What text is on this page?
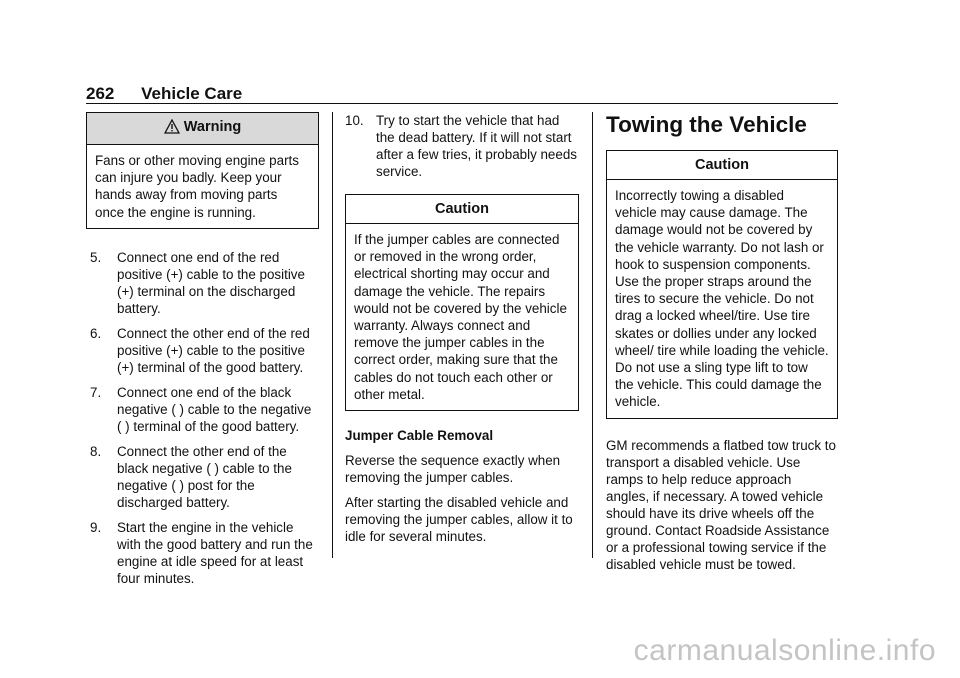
262 Vehicle Care
Warning
Fans or other moving engine parts can injure you badly. Keep your hands away from moving parts once the engine is running.
5. Connect one end of the red positive (+) cable to the positive (+) terminal on the discharged battery.
6. Connect the other end of the red positive (+) cable to the positive (+) terminal of the good battery.
7. Connect one end of the black negative ( ) cable to the negative ( ) terminal of the good battery.
8. Connect the other end of the black negative ( ) cable to the negative ( ) post for the discharged battery.
9. Start the engine in the vehicle with the good battery and run the engine at idle speed for at least four minutes.
10. Try to start the vehicle that had the dead battery. If it will not start after a few tries, it probably needs service.
Caution
If the jumper cables are connected or removed in the wrong order, electrical shorting may occur and damage the vehicle. The repairs would not be covered by the vehicle warranty. Always connect and remove the jumper cables in the correct order, making sure that the cables do not touch each other or other metal.
Jumper Cable Removal

Reverse the sequence exactly when removing the jumper cables.

After starting the disabled vehicle and removing the jumper cables, allow it to idle for several minutes.

Towing the Vehicle
Caution
Incorrectly towing a disabled vehicle may cause damage. The damage would not be covered by the vehicle warranty. Do not lash or hook to suspension components. Use the proper straps around the tires to secure the vehicle. Do not drag a locked wheel/tire. Use tire skates or dollies under any locked wheel/ tire while loading the vehicle. Do not use a sling type lift to tow the vehicle. This could damage the vehicle.

GM recommends a flatbed tow truck to transport a disabled vehicle. Use ramps to help reduce approach angles, if necessary. A towed vehicle should have its drive wheels off the ground. Contact Roadside Assistance or a professional towing service if the disabled vehicle must be towed.

carmanualsonline.info
